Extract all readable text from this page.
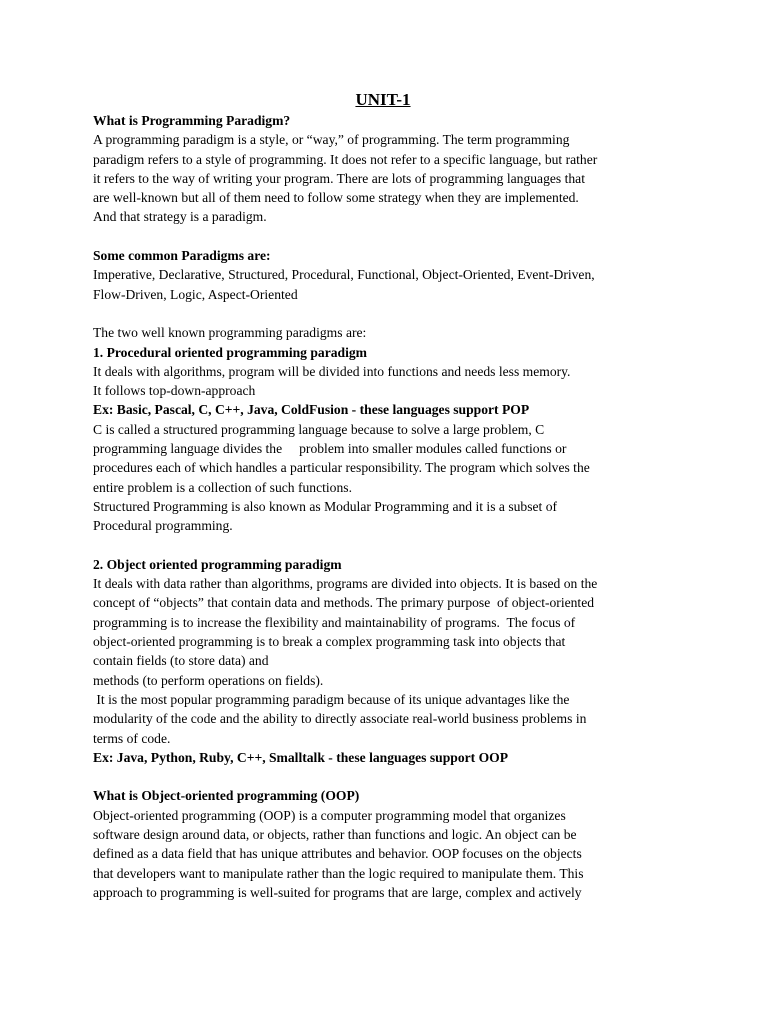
UNIT-1
What is Programming Paradigm?
A programming paradigm is a style, or “way,” of programming. The term programming
paradigm refers to a style of programming. It does not refer to a specific language, but rather
it refers to the way of writing your program. There are lots of programming languages that
are well-known but all of them need to follow some strategy when they are implemented.
And that strategy is a paradigm.
Some common Paradigms are:
Imperative, Declarative, Structured, Procedural, Functional, Object-Oriented, Event-Driven,
Flow-Driven, Logic, Aspect-Oriented
The two well known programming paradigms are:
1. Procedural oriented programming paradigm
It deals with algorithms, program will be divided into functions and needs less memory.
It follows top-down-approach
Ex: Basic, Pascal, C, C++, Java, ColdFusion - these languages support POP
C is called a structured programming language because to solve a large problem, C
programming language divides the     problem into smaller modules called functions or
procedures each of which handles a particular responsibility. The program which solves the
entire problem is a collection of such functions.
Structured Programming is also known as Modular Programming and it is a subset of
Procedural programming.
2. Object oriented programming paradigm
It deals with data rather than algorithms, programs are divided into objects. It is based on the
concept of “objects” that contain data and methods. The primary purpose  of object-oriented
programming is to increase the flexibility and maintainability of programs.  The focus of
object-oriented programming is to break a complex programming task into objects that
contain fields (to store data) and
methods (to perform operations on fields).
It is the most popular programming paradigm because of its unique advantages like the
modularity of the code and the ability to directly associate real-world business problems in
terms of code.
Ex: Java, Python, Ruby, C++, Smalltalk - these languages support OOP
What is Object-oriented programming (OOP)
Object-oriented programming (OOP) is a computer programming model that organizes
software design around data, or objects, rather than functions and logic. An object can be
defined as a data field that has unique attributes and behavior. OOP focuses on the objects
that developers want to manipulate rather than the logic required to manipulate them. This
approach to programming is well-suited for programs that are large, complex and actively
